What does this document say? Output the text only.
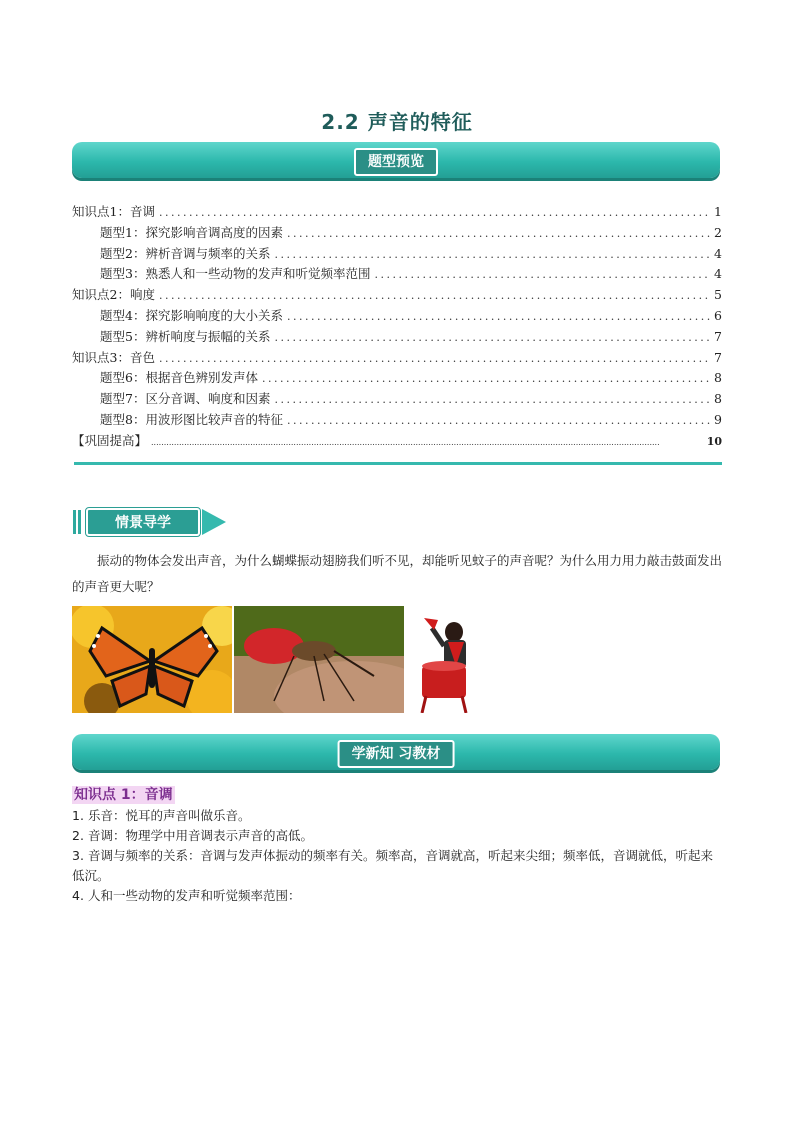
2.2 声音的特征
题型预览
知识点1：音调 .....	1
题型1：探究影响音调高度的因素 .....	2
题型2：辨析音调与频率的关系 .....	4
题型3：熟悉人和一些动物的发声和听觉频率范围 .....	4
知识点2：响度 .....	5
题型4：探究影响响度的大小关系 .....	6
题型5：辨析响度与振幅的关系 .....	7
知识点3：音色 .....	7
题型6：根据音色辨别发声体 .....	8
题型7：区分音调、响度和因素 .....	8
题型8：用波形图比较声音的特征 .....	9
【巩固提高】 .....	10
情景导学
振动的物体会发出声音，为什么蝴蝶振动翅膀我们听不见，却能听见蚊子的声音呢？为什么用力用力敲击鼓面发出的声音更大呢？
学新知 习教材
知识点 1：音调
1. 乐音：悦耳的声音叫做乐音。
2. 音调：物理学中用音调表示声音的高低。
3. 音调与频率的关系：音调与发声体振动的频率有关。频率高，音调就高，听起来尖细；频率低，音调就低，听起来低沉。
4. 人和一些动物的发声和听觉频率范围：
